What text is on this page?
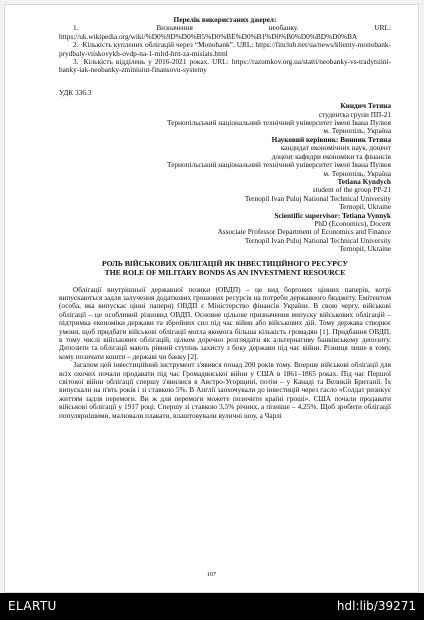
Перелік використаних джерел:
1.	Визначення необанку. URL: https://uk.wikipedia.org/wiki/%D0%9D%D0%B5%D0%BE%D0%B1%D0%B0%D0%BD%D0%BA
2. Кількість куплених облігацій через “Monobank”. URL: https://finclub.net/ua/news/klienty-monobank-prydbaly-viiskovykh-ovdp-na-1-mlrd-hrn-za-misiats.html
3. Кількість відділень у 2016-2021 роках. URL: https://razumkov.org.ua/statti/neobanky-vs-tradytsiini-banky-iak-neobanky-zminiuiut-finansovu-systemy
УДК 336.3
Киндич Тетяна
студентка групи ПП-21
Тернопільський національний технічний університет імені Івана Пулюя
м. Тернопіль, Україна
Науковий керівник: Винник Тетяна
кандидат економічних наук, доцент
доцент кафедри економіки та фінансів
Тернопільський національний технічний університет імені Івана Пулюя
м. Тернопіль, Україна
Tetiana Kyndych
student of the group PP-21
Ternopil Ivan Puluj National Technical University
Ternopil, Ukraine
Scientific supervisor: Tetiana Vynnyk
PhD (Economics), Docent
Associate Professor Department of Economics and Finance
Ternopil Ivan Puluj National Technical University
Ternopil, Ukraine
РОЛЬ ВІЙСЬКОВИХ ОБЛІГАЦІЙ ЯК ІНВЕСТИЦІЙНОГО РЕСУРСУ
THE ROLE OF MILITARY BONDS AS AN INVESTMENT RESOURCE
Облігації внутрішньої державної позики (ОВДП) – це вид боргових цінних паперів, котрі випускаються задля залучення додаткових грошових ресурсів на потреби державного бюджету. Емітентом (особа, яка випускає цінні папери) ОВДП є Міністерство фінансів України. В свою черґу, військові облігації – це особливий різновид ОВДП. Основне цільове призначення випуску військових облігацій – підтримка економіки держави та збройних сил під час війни або військових дій. Тому держава створює умови, щоб придбати військові облігації могла якомога більша кількість громадян [1]. Придбання ОВДП, в тому числі військових облігацій, цілком доречно розглядати як альтернативу банківському депозиту. Депозити та облігації мають рівний ступінь захисту з боку держави під час війни. Різниця лише в тому, кому позичати кошти – державі чи банку [2].
Загалом цей інвестиційний інструмент з'явився понад 200 років тому. Вперше військові облігації для всіх охочих почали продавати під час Громадянської війни у США в 1861–1865 роках. Під час Першої світової війни облігації спершу з'явилися в Австро-Угорщині, потім – у Канаді та Великій Британії. Їх випускали на п'ять років і зі ставкою 5%. В Англії заохочували до інвестицій через гасло «Солдат ризикує життям задля перемоги. Ви ж для перемоги можете позичити країні гроші». США почали продавати військові облігації у 1917 році. Спершу зі ставкою 3,5% річних, а пізніше – 4,25%. Щоб зробити облігації популярнішими, малювали плакати, влаштовували вуличні шоу, а Чарлі
107
ELARTU	hdl:lib/39271
